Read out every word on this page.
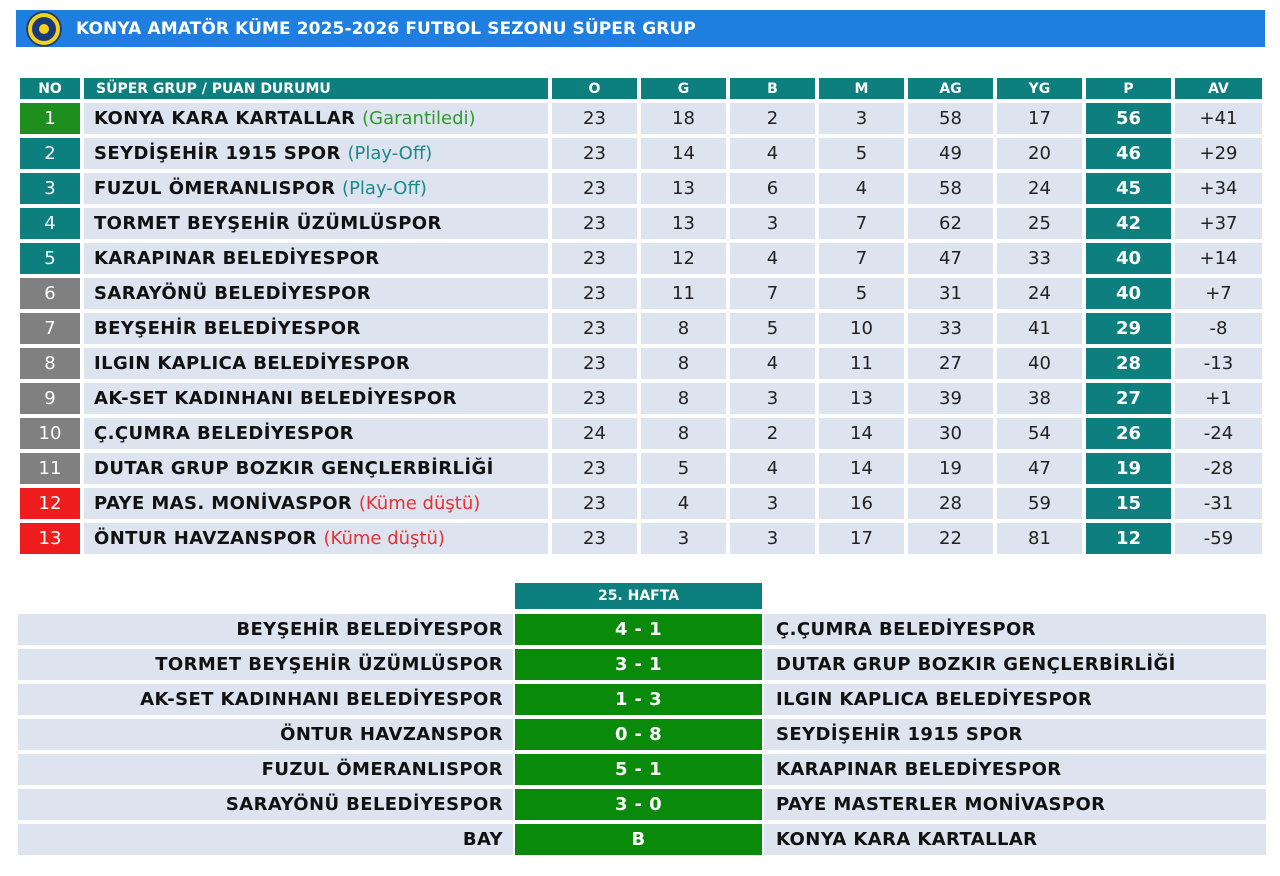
KONYA AMATÖR KÜME 2025-2026 FUTBOL SEZONU SÜPER GRUP
NO	SÜPER GRUP / PUAN DURUMU	O	G	B	M	AG	YG	P	AV
1	KONYA KARA KARTALLAR (Garantiledi)	23	18	2	3	58	17	56	+41
2	SEYDİŞEHİR 1915 SPOR (Play-Off)	23	14	4	5	49	20	46	+29
3	FUZUL ÖMERANLISPOR (Play-Off)	23	13	6	4	58	24	45	+34
4	TORMET BEYŞEHİR ÜZÜMLÜSPOR	23	13	3	7	62	25	42	+37
5	KARAPINAR BELEDİYESPOR	23	12	4	7	47	33	40	+14
6	SARAYÖNÜ BELEDİYESPOR	23	11	7	5	31	24	40	+7
7	BEYŞEHİR BELEDİYESPOR	23	8	5	10	33	41	29	-8
8	ILGIN KAPLICA BELEDİYESPOR	23	8	4	11	27	40	28	-13
9	AK-SET KADINHANI BELEDİYESPOR	23	8	3	13	39	38	27	+1
10	Ç.ÇUMRA BELEDİYESPOR	24	8	2	14	30	54	26	-24
11	DUTAR GRUP BOZKIR GENÇLERBİRLİĞİ	23	5	4	14	19	47	19	-28
12	PAYE MAS. MONİVASPOR (Küme düştü)	23	4	3	16	28	59	15	-31
13	ÖNTUR HAVZANSPOR (Küme düştü)	23	3	3	17	22	81	12	-59
25. HAFTA
BEYŞEHİR BELEDİYESPOR	4 - 1	Ç.ÇUMRA BELEDİYESPOR
TORMET BEYŞEHİR ÜZÜMLÜSPOR	3 - 1	DUTAR GRUP BOZKIR GENÇLERBİRLİĞİ
AK-SET KADINHANI BELEDİYESPOR	1 - 3	ILGIN KAPLICA BELEDİYESPOR
ÖNTUR HAVZANSPOR	0 - 8	SEYDİŞEHİR 1915 SPOR
FUZUL ÖMERANLISPOR	5 - 1	KARAPINAR BELEDİYESPOR
SARAYÖNÜ BELEDİYESPOR	3 - 0	PAYE MASTERLER MONİVASPOR
BAY	B	KONYA KARA KARTALLAR
